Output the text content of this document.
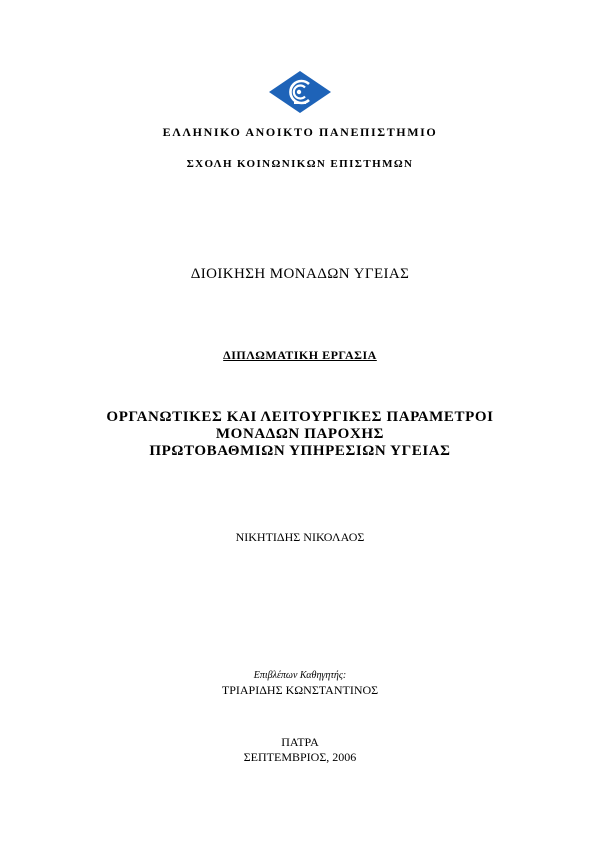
ΕΛΛΗΝΙΚΟ ΑΝΟΙΚΤΟ ΠΑΝΕΠΙΣΤΗΜΙΟ
ΣΧΟΛΗ ΚΟΙΝΩΝΙΚΩΝ ΕΠΙΣΤΗΜΩΝ
ΔΙΟΙΚΗΣΗ ΜΟΝΑΔΩΝ ΥΓΕΙΑΣ
ΔΙΠΛΩΜΑΤΙΚΗ ΕΡΓΑΣΙΑ
ΟΡΓΑΝΩΤΙΚΕΣ ΚΑΙ ΛΕΙΤΟΥΡΓΙΚΕΣ ΠΑΡΑΜΕΤΡΟΙ
ΜΟΝΑΔΩΝ ΠΑΡΟΧΗΣ
ΠΡΩΤΟΒΑΘΜΙΩΝ ΥΠΗΡΕΣΙΩΝ ΥΓΕΙΑΣ
ΝΙΚΗΤΙΔΗΣ ΝΙΚΟΛΑΟΣ
Επιβλέπων Καθηγητής:
ΤΡΙΑΡΙΔΗΣ ΚΩΝΣΤΑΝΤΙΝΟΣ
ΠΑΤΡΑ
ΣΕΠΤΕΜΒΡΙΟΣ, 2006
